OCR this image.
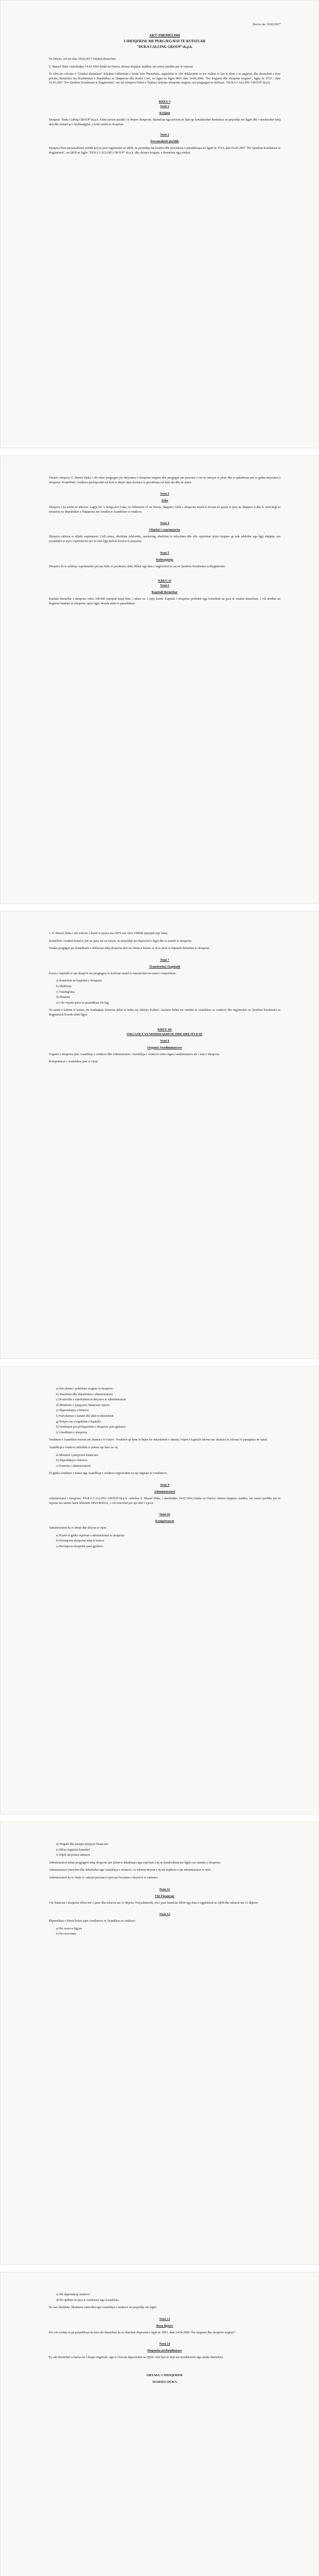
Durres me 10/02/2017
AKT-THEMELIMI
I SHOQERISE ME PERGJEGJESI TE KUFIZUAR
"DUKA CALLING GROUP"sh.p.k.

Ne Durres, sot me date 10/02/2017 Ortakut themelues:

Z. Marsel Duka i datelindjes 14.02.1994 lindur ne Durres, shtetas shqiptar, madhor, me zotesi juridike per te vepruar.

Te cilet me cilesine e "Ortakut themelues" krijojme vullnetisht e lirshe kete Themelimi, angazhimi te cilit deklarojme se me vullnet te lire te plote e te ungjesrt, dhe themelimi e kete private, themelimi me Kushtetuten e Republikes se Shqiperise dhe Kodin Civil, ne ligjet ne ligjin 9901 date 14.04.2008, "Per tregtaret dhe shoqerite tregtare", ligjin nr. 9723 , date 03.05.2007 "Per Qendren Kombetare te Regjistrimit", me ate Qenjerin Fiskal e Tatimor, krijojne shoqerine tregtare, me pergjegjesi te kufizuar, "DUKA CALLING GROUP"sh.p.k.

KREU I
Neni 1
Krijimi

Shoqeria "Duka Calling GROUP"sh.p.k. Eshte person juridik i te drejtes shoqerore, themeluar nga personi ne fjale qe konsiderohet themelues ne perputhje me ligjin dhe i nenshtrohet ketij akti dhe statutit qe i bashkangjitet, e ketij statuti te shoqerise.

Neni 2
Personaliteti juridik

Shoqeria fiton personalitetin juridik prej te pare regjistrimit ne QKB, ne perputhje me kushtet dhe procedurat e parashikuara ne ligjin nr. 9723, date 03.05.2007 "Per Qendren Kombetare te Regjistrimit", ne QKB ne ligjin "DUKA CALLING GROUP" sh.p.k. dhe shoqeri tregtare, e themeluar nga ortaket.

Themel shoqeror Z. Marsel Duka i cili eshte pergjegjes per detyrimet e shoqerise tregtare dhe pergjigjet me pasurine e vet ne menyre te plote dhe te pakufizuar per te gjitha detyrimet e shoqerise. Kontributi i ortakeve perfaqesohet ne kete te drejte sipas kuotave te percaktuara ne kete akt dhe ne statut.

Neni 3
Selia

Shoqeria e ka selinë ne adresen: Lagjja Nr. 3, Rruga Kol Luka, ne Ndertesen 21 ne Durres, Shqiperi. Selia e shoqerise mund te levizet ne qytete te tjera ne Shqiperi si dhe te celet degë te shoqerise ne Republiken e Shqiperise me vendim te Asamblese se ortakeve.

Neni 4
Objekti i veprimtarise

Shoqeria ushtron si objekt veprimtarie: Call center, sherbime telefonike, marketing, sherbime te ndryshme dhe cdo veprimtari tjeter tregtare qe nuk ndalohet nga ligji shqiptar, me perjashtim te atyre veprimtarive per te cilat ligji kerkon licence te posacme.

Neni 5
Kohezgjatja

Shoqeria do te ushtroje veprimtarine per nje kohe te pacaktuar, duke filluar nga data e regjistrimit te saj ne Qendren Kombetare te Regjistrimit.

KREU II
Neni 6
Kapitali themeltar

Kapitali themeltar i shoqerise eshte 100.000 (njeqind mije) leke, i ndare ne 1 (nje) kuote. Kapitali i shoqerise perbehet nga kontributi ne para te ortakut themelues, i cili derdhet ne llogarine bankare te shoqerise sipas ligjit, brenda afatit te parashikuar.

1. Z. Marsel Duka i cili zoteron 1 kuote te pjeses me 100% me vlere 100000 (njeqind mije leke).

Kontributi i ortakut mund te jete ne para ose ne natyre, ne perputhje me dispozitat e ligjit dhe te statutit te shoqerise.

Ortaku pergjigjet per kontributin e deklaruar ndaj shoqerise deri ne vleren e kuotes se tij te plote te kapitalit themeltar te shoqerise.

Neni 7
Transferimi i kapitalit

Kuota e kapitalit te nje shoqerie me pergjegjesi te kufizuar mund te transferohet ne rastet e meposhtme:

a) Kontributi ne kapitalin e shoqerise
b) Shitblerja
c) Trashegimia
d) Dhurimi
e) Cdo veprim tjeter te parashikuar me ligj.

Ne rastin e kalimit te kuotes me trashegimi, kontrata duhet te behet me shkrim. Kalimi i kuotave behet me vendim te Asamblese se ortakeve dhe regjistrohet ne Qendren Kombetare te Regjistrimit brenda afatit ligjor.

KREU III
ORGANET VENDIMMARRESE DHE DREJTUESE
Neni 8
Organet Vendimmarrese

Organet e shoqerise jane Asambleja e ortakeve dhe Administratori. Asambleja e ortakeve eshte organi vendimmarres me i larte i shoqerise.

Kompetencat e Asamblese jane si vijon:

a) Percaktimi i politikave tregtare te shoqerise
b) Emerimin dhe shkarkimin e administratorit
c) Kontrollin e ekzekutimit te detyrave te administratorit
d) Miratimin e pasqyrave financiare vjetore
e) Shperndarjen e fitimeve
f) Ndryshimin e statutit dhe aktit te themelimit
g) Rritjen ose zvogelimin e kapitalit
h) Vendosjen per perfaqesimin e shoqerise para gjykates
i) Likuidimin e shoqerise

Vendimet e Asamblese merren me shumice te votave. Vendimet qe kane te bejne me ndryshimin e statutit, rritjen e kapitalit merren me shumice te cilesuar te paraqitura ne statut.

Asambleja e ortakeve mblidhet te pakten nje here ne vit.

a) Miratimi i pasqyrave financiare
b) Shperndarja e fitimeve
c) Emerimi i administratorit

Te gjitha vendimet e marra nga Asambleja e ortakeve regjistrohen ne nje regjister te vendimeve.

Neni 9
Administratori

Administrator i shoqerise "DUKA CALLING GROUP"sh.p.k. caktohet Z. Marsel Duka, i datelindjes 14.02.1994, lindur ne Durres, shtetas shqiptar, madhor, me zotesi juridike per te vepruar me numer karte identiteti J40214029AL, i cili emerohet per nje afat 5 vjecar.

Neni 10
Kompetencat

Administratori ka te drejte dhe detyrat si vijon:

a) Kryen te gjitha veprimet e administrimit te shoqerise
b) Perfaqeson shoqerine ndaj te treteve
c) Perfaqeson shoqerine para gjykates
d) Pergatit dhe paraqet pasqyrat financiare
e) Mban regjistrat kontabel
f) Ndjek detyrimet tatimore

Administratori mban pergjegjesi ndaj shoqerise per demet e shkaktuara nga veprimet e tij ne kundershtim me ligjin ose statutin e shoqerise.

Administratori emerohet dhe shkarkohet nga Asambleja e ortakeve. Ai ushtron detyrat e tij me kujdesin e nje administratori te mire.

Administratori ka te drejte te caktoje persona te tjere per kryerjen e detyrave te caktuara.

Neni 11
Viti Financiar

Viti financiar i shoqerise fillon me 1 janar dhe mbaron me 31 dhjetor. Perjashtimisht, viti i pare financiar fillon nga data e regjistrimit ne QKB dhe mbaron me 31 dhjetor.

Neni 12

Shperndarja e fitimit behet sipas vendimeve te Asamblese se ortakeve:

a) Per rezerva ligjore
b) Per investime
c) Per shperndarje ortakeve
d) Per qellime te tjera te vendosura nga Asambleja

Ne rast likuidimi, likuiduesi emerohet nga Asambleja e ortakeve ne perputhje me ligjin.

Neni 13
Baza ligjore

Per cdo ceshtje te pa parashikuar ne kete akt themelimi do te zbatohen dispozitat e ligjit nr. 9901, date 14.04.2008 "Per tregtaret dhe shoqerite tregtare".

Neni 14
Dispozita perfundimtare

Ky akt themelimi u hartua ne 3 kopje origjinale, nga te cilat nje depozitohet ne QKB. Akti hyn ne fuqi me nenshkrimin nga ortaku themelues.

ORTAKU I SHOQERISE
MARSEL DUKA
